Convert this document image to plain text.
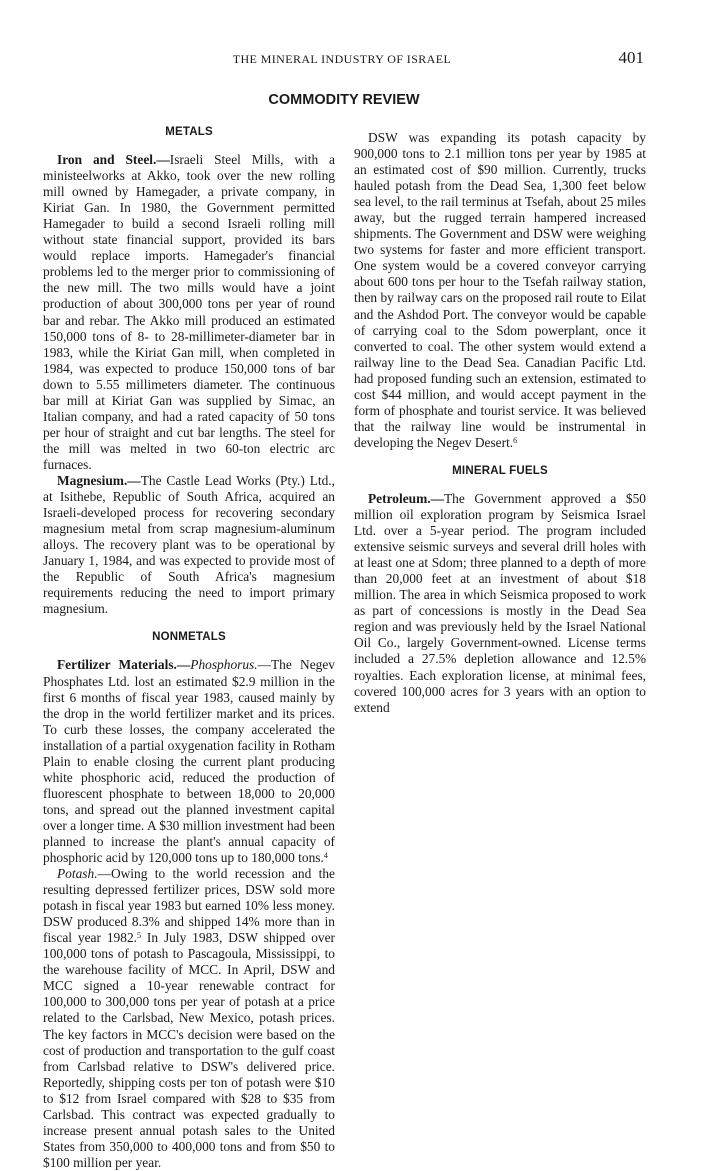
THE MINERAL INDUSTRY OF ISRAEL	401
COMMODITY REVIEW
METALS

Iron and Steel.—Israeli Steel Mills, with a ministeelworks at Akko, took over the new rolling mill owned by Hamegader, a private company, in Kiriat Gan. In 1980, the Government permitted Hamegader to build a second Israeli rolling mill without state financial support, provided its bars would replace imports. Hamegader's financial problems led to the merger prior to commissioning of the new mill. The two mills would have a joint production of about 300,000 tons per year of round bar and rebar. The Akko mill produced an estimated 150,000 tons of 8- to 28-millimeter-diameter bar in 1983, while the Kiriat Gan mill, when completed in 1984, was expected to produce 150,000 tons of bar down to 5.55 millimeters diameter. The continuous bar mill at Kiriat Gan was supplied by Simac, an Italian company, and had a rated capacity of 50 tons per hour of straight and cut bar lengths. The steel for the mill was melted in two 60-ton electric arc furnaces.

Magnesium.—The Castle Lead Works (Pty.) Ltd., at Isithebe, Republic of South Africa, acquired an Israeli-developed process for recovering secondary magnesium metal from scrap magnesium-aluminum alloys. The recovery plant was to be operational by January 1, 1984, and was expected to provide most of the Republic of South Africa's magnesium requirements reducing the need to import primary magnesium.

NONMETALS

Fertilizer Materials.—Phosphorus.—The Negev Phosphates Ltd. lost an estimated $2.9 million in the first 6 months of fiscal year 1983, caused mainly by the drop in the world fertilizer market and its prices. To curb these losses, the company accelerated the installation of a partial oxygenation facility in Rotham Plain to enable closing the current plant producing white phosphoric acid, reduced the production of fluorescent phosphate to between 18,000 to 20,000 tons, and spread out the planned investment capital over a longer time. A $30 million investment had been planned to increase the plant's annual capacity of phosphoric acid by 120,000 tons up to 180,000 tons.$^4$

Potash.—Owing to the world recession and the resulting depressed fertilizer prices, DSW sold more potash in fiscal year 1983 but earned 10% less money. DSW produced 8.3% and shipped 14% more than in fiscal year 1982.$^5$ In July 1983, DSW shipped over 100,000 tons of potash to Pascagoula, Mississippi, to the warehouse facility of MCC. In April, DSW and MCC signed a 10-year renewable contract for 100,000 to 300,000 tons per year of potash at a price related to the Carlsbad, New Mexico, potash prices. The key factors in MCC's decision were based on the cost of production and transportation to the gulf coast from Carlsbad relative to DSW's delivered price. Reportedly, shipping costs per ton of potash were $10 to $12 from Israel compared with $28 to $35 from Carlsbad. This contract was expected gradually to increase present annual potash sales to the United States from 350,000 to 400,000 tons and from $50 to $100 million per year.

DSW was expanding its potash capacity by 900,000 tons to 2.1 million tons per year by 1985 at an estimated cost of $90 million. Currently, trucks hauled potash from the Dead Sea, 1,300 feet below sea level, to the rail terminus at Tsefah, about 25 miles away, but the rugged terrain hampered increased shipments. The Government and DSW were weighing two systems for faster and more efficient transport. One system would be a covered conveyor carrying about 600 tons per hour to the Tsefah railway station, then by railway cars on the proposed rail route to Eilat and the Ashdod Port. The conveyor would be capable of carrying coal to the Sdom powerplant, once it converted to coal. The other system would extend a railway line to the Dead Sea. Canadian Pacific Ltd. had proposed funding such an extension, estimated to cost $44 million, and would accept payment in the form of phosphate and tourist service. It was believed that the railway line would be instrumental in developing the Negev Desert.$^6$

MINERAL FUELS

Petroleum.—The Government approved a $50 million oil exploration program by Seismica Israel Ltd. over a 5-year period. The program included extensive seismic surveys and several drill holes with at least one at Sdom; three planned to a depth of more than 20,000 feet at an investment of about $18 million. The area in which Seismica proposed to work as part of concessions is mostly in the Dead Sea region and was previously held by the Israel National Oil Co., largely Government-owned. License terms included a 27.5% depletion allowance and 12.5% royalties. Each exploration license, at minimal fees, covered 100,000 acres for 3 years with an option to extend
